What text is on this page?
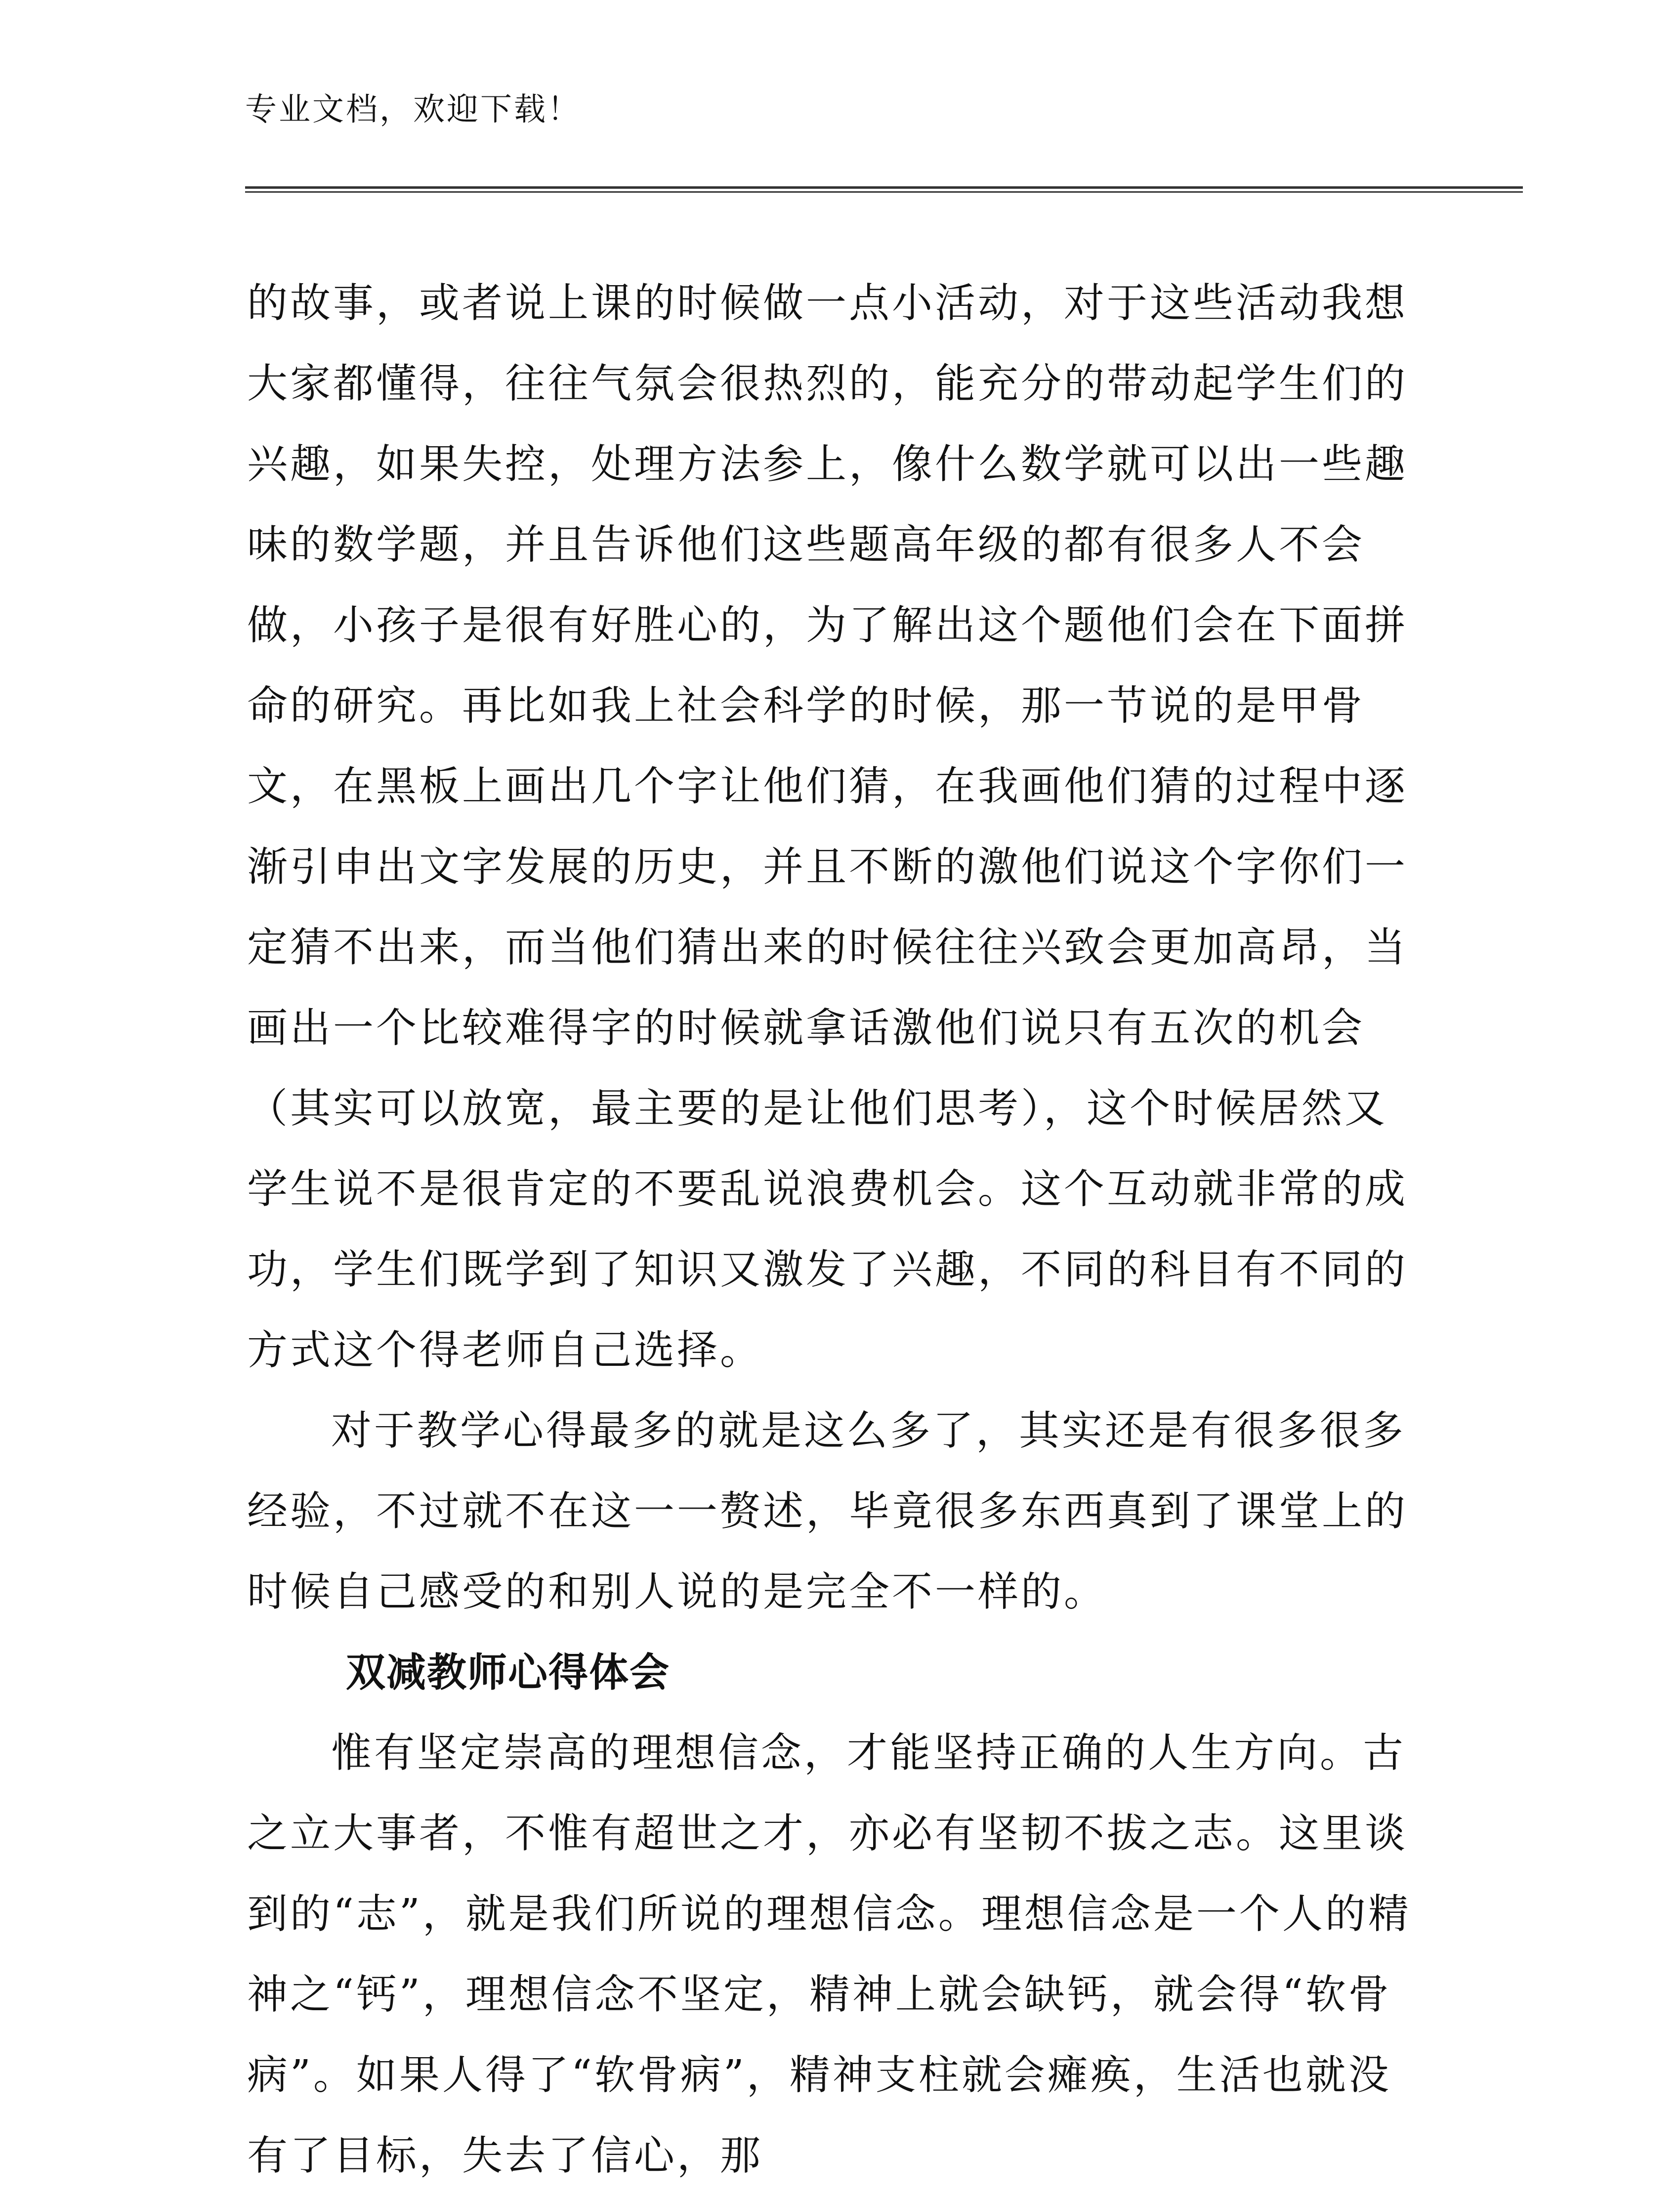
专业文档，欢迎下载！

的故事，或者说上课的时候做一点小活动，对于这些活动我想大家都懂得，往往气氛会很热烈的，能充分的带动起学生们的兴趣，如果失控，处理方法参上，像什么数学就可以出一些趣味的数学题，并且告诉他们这些题高年级的都有很多人不会做，小孩子是很有好胜心的，为了解出这个题他们会在下面拼命的研究。再比如我上社会科学的时候，那一节说的是甲骨文，在黑板上画出几个字让他们猜，在我画他们猜的过程中逐渐引申出文字发展的历史，并且不断的激他们说这个字你们一定猜不出来，而当他们猜出来的时候往往兴致会更加高昂，当画出一个比较难得字的时候就拿话激他们说只有五次的机会（其实可以放宽，最主要的是让他们思考），这个时候居然又学生说不是很肯定的不要乱说浪费机会。这个互动就非常的成功，学生们既学到了知识又激发了兴趣，不同的科目有不同的方式这个得老师自己选择。

对于教学心得最多的就是这么多了，其实还是有很多很多经验，不过就不在这一一赘述，毕竟很多东西真到了课堂上的时候自己感受的和别人说的是完全不一样的。

双减教师心得体会

惟有坚定崇高的理想信念，才能坚持正确的人生方向。古之立大事者，不惟有超世之才，亦必有坚韧不拔之志。这里谈到的“志”，就是我们所说的理想信念。理想信念是一个人的精神之“钙”，理想信念不坚定，精神上就会缺钙，就会得“软骨病”。如果人得了“软骨病”，精神支柱就会瘫痪，生活也就没有了目标，失去了信心，那
